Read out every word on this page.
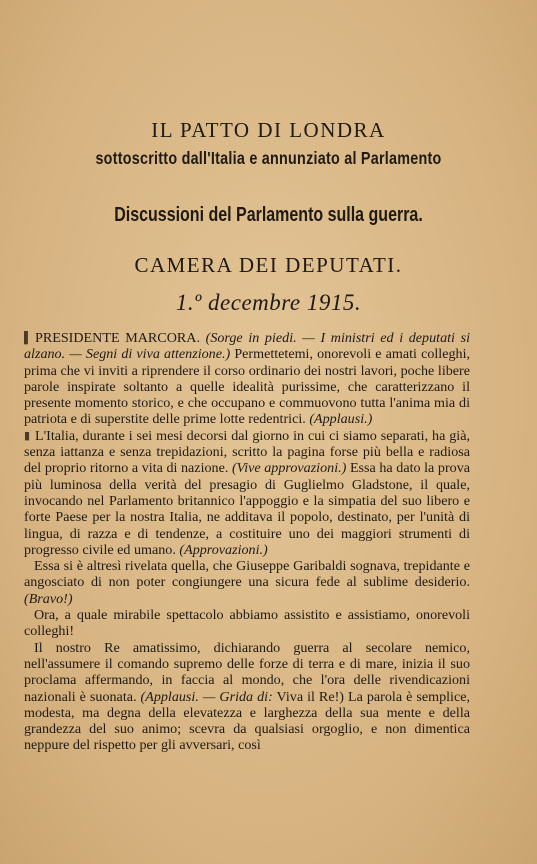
IL PATTO DI LONDRA
sottoscritto dall'Italia e annunziato al Parlamento
Discussioni del Parlamento sulla guerra.
CAMERA DEI DEPUTATI.
1.º decembre 1915.

▌ PRESIDENTE MARCORA. (Sorge in piedi. — I ministri ed i deputati si alzano. — Segni di viva attenzione.) Permettetemi, onorevoli e amati colleghi, prima che vi inviti a riprendere il corso ordinario dei nostri lavori, poche libere parole inspirate soltanto a quelle idealità purissime, che caratterizzano il presente momento storico, e che occupano e commuovono tutta l'anima mia di patriota e di superstite delle prime lotte redentrici. (Applausi.)

▮ L'Italia, durante i sei mesi decorsi dal giorno in cui ci siamo separati, ha già, senza iattanza e senza trepidazioni, scritto la pagina forse più bella e radiosa del proprio ritorno a vita di nazione. (Vive approvazioni.) Essa ha dato la prova più luminosa della verità del presagio di Guglielmo Gladstone, il quale, invocando nel Parlamento britannico l'appoggio e la simpatia del suo libero e forte Paese per la nostra Italia, ne additava il popolo, destinato, per l'unità di lingua, di razza e di tendenze, a costituire uno dei maggiori strumenti di progresso civile ed umano. (Approvazioni.)

Essa si è altresì rivelata quella, che Giuseppe Garibaldi sognava, trepidante e angosciato di non poter congiungere una sicura fede al sublime desiderio. (Bravo!)

Ora, a quale mirabile spettacolo abbiamo assistito e assistiamo, onorevoli colleghi!

Il nostro Re amatissimo, dichiarando guerra al secolare nemico, nell'assumere il comando supremo delle forze di terra e di mare, inizia il suo proclama affermando, in faccia al mondo, che l'ora delle rivendicazioni nazionali è suonata. (Applausi. — Grida di: Viva il Re!) La parola è semplice, modesta, ma degna della elevatezza e larghezza della sua mente e della grandezza del suo animo; scevra da qualsiasi orgoglio, e non dimentica neppure del rispetto per gli avversari, così
